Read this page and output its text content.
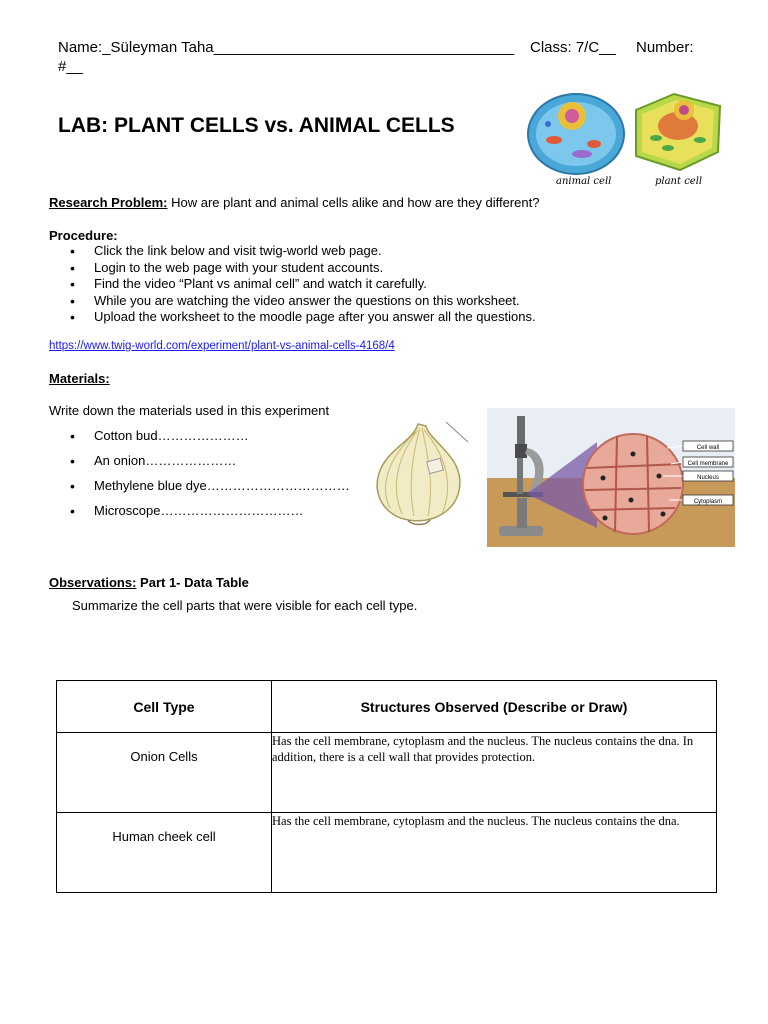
Name:_Süleyman Taha____________________________________ Class: 7/C__ Number:
#__
LAB: PLANT CELLS vs. ANIMAL CELLS
animal cell	plant cell
Research Problem: How are plant and animal cells alike and how are they different?
Procedure:
• Click the link below and visit twig-world web page.
• Login to the web page with your student accounts.
• Find the video “Plant vs animal cell” and watch it carefully.
• While you are watching the video answer the questions on this worksheet.
• Upload the worksheet to the moodle page after you answer all the questions.
https://www.twig-world.com/experiment/plant-vs-animal-cells-4168/4
Materials:
Write down the materials used in this experiment
• Cotton bud…………………
• An onion…………………
• Methylene blue dye……………………………
• Microscope……………………………
Cell wall
Cell membrane
Nucleus
Cytoplasm
Observations: Part 1- Data Table
Summarize the cell parts that were visible for each cell type.
Cell Type	Structures Observed (Describe or Draw)
Onion Cells	Has the cell membrane, cytoplasm and the nucleus. The nucleus contains the dna. In addition, there is a cell wall that provides protection.
Human cheek cell	Has the cell membrane, cytoplasm and the nucleus. The nucleus contains the dna.
